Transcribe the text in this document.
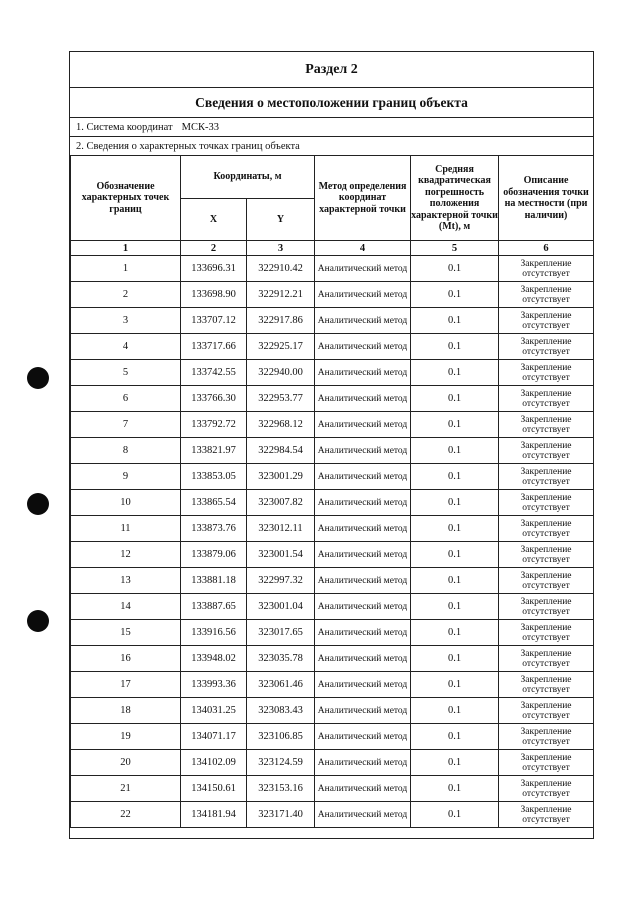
Раздел 2
Сведения о местоположении границ объекта
1. Система координат МСК-33
2. Сведения о характерных точках границ объекта
Обозначение характерных точек границ	Координаты, м		Метод определения координат характерной точки	Средняя квадратическая погрешность положения характерной точки (Mt), м	Описание обозначения точки на местности (при наличии)
	X	Y			
1	2	3	4	5	6
1	133696.31	322910.42	Аналитический метод	0.1	Закрепление отсутствует
2	133698.90	322912.21	Аналитический метод	0.1	Закрепление отсутствует
3	133707.12	322917.86	Аналитический метод	0.1	Закрепление отсутствует
4	133717.66	322925.17	Аналитический метод	0.1	Закрепление отсутствует
5	133742.55	322940.00	Аналитический метод	0.1	Закрепление отсутствует
6	133766.30	322953.77	Аналитический метод	0.1	Закрепление отсутствует
7	133792.72	322968.12	Аналитический метод	0.1	Закрепление отсутствует
8	133821.97	322984.54	Аналитический метод	0.1	Закрепление отсутствует
9	133853.05	323001.29	Аналитический метод	0.1	Закрепление отсутствует
10	133865.54	323007.82	Аналитический метод	0.1	Закрепление отсутствует
11	133873.76	323012.11	Аналитический метод	0.1	Закрепление отсутствует
12	133879.06	323001.54	Аналитический метод	0.1	Закрепление отсутствует
13	133881.18	322997.32	Аналитический метод	0.1	Закрепление отсутствует
14	133887.65	323001.04	Аналитический метод	0.1	Закрепление отсутствует
15	133916.56	323017.65	Аналитический метод	0.1	Закрепление отсутствует
16	133948.02	323035.78	Аналитический метод	0.1	Закрепление отсутствует
17	133993.36	323061.46	Аналитический метод	0.1	Закрепление отсутствует
18	134031.25	323083.43	Аналитический метод	0.1	Закрепление отсутствует
19	134071.17	323106.85	Аналитический метод	0.1	Закрепление отсутствует
20	134102.09	323124.59	Аналитический метод	0.1	Закрепление отсутствует
21	134150.61	323153.16	Аналитический метод	0.1	Закрепление отсутствует
22	134181.94	323171.40	Аналитический метод	0.1	Закрепление отсутствует
